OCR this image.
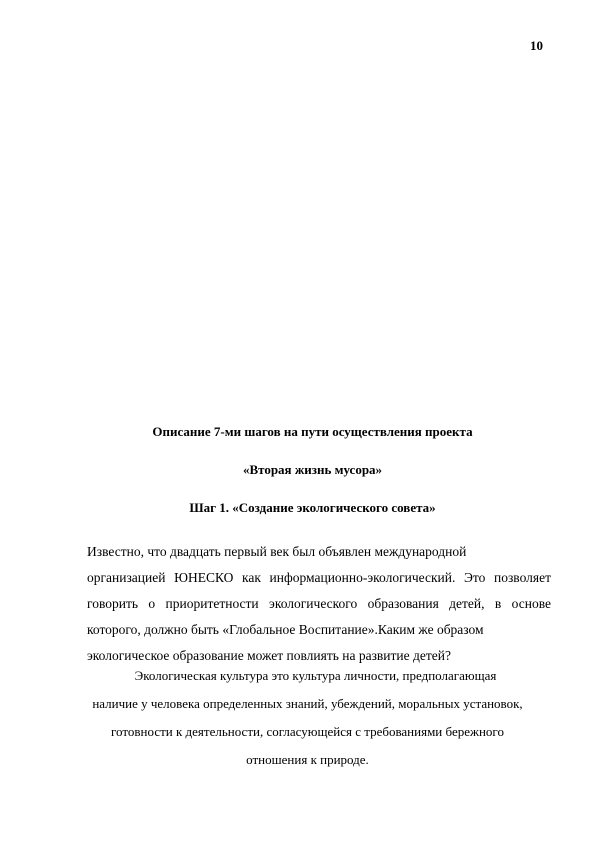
10
Описание 7-ми шагов на пути осуществления проекта
«Вторая жизнь мусора»
Шаг 1. «Создание экологического совета»
Известно, что двадцать первый век был объявлен международной
организацией ЮНЕСКО как информационно-экологический. Это позволяет
говорить о приоритетности экологического образования детей, в основе
которого, должно быть «Глобальное Воспитание».Каким же образом
экологическое образование может повлиять на развитие детей?
Экологическая культура это культура личности, предполагающая
наличие у человека определенных знаний, убеждений, моральных установок,
готовности к деятельности, согласующейся с требованиями бережного
отношения к природе.
